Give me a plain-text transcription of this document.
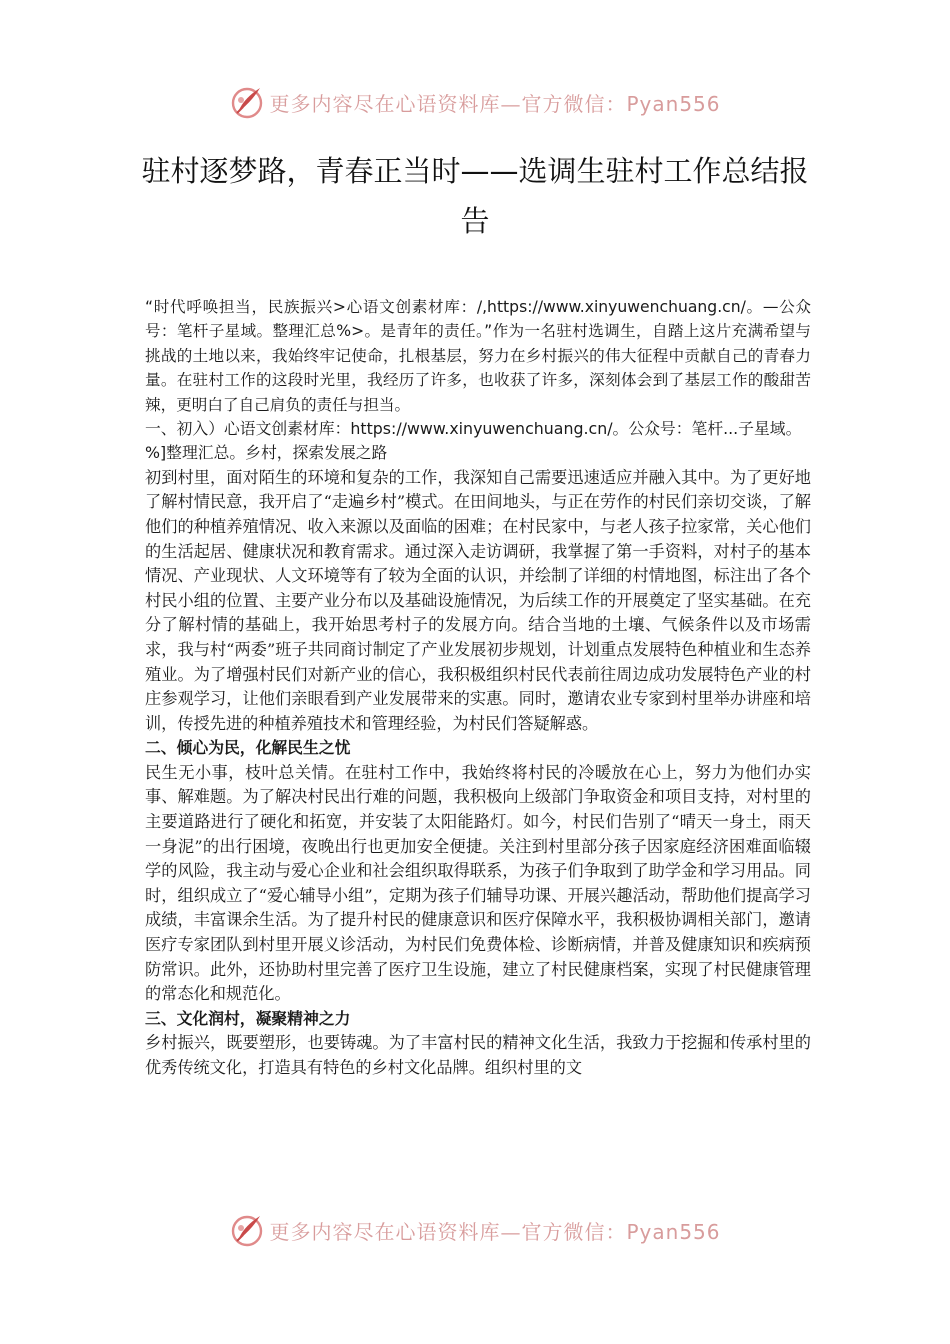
更多内容尽在心语资料库—官方微信：Pyan556
驻村逐梦路，青春正当时——选调生驻村工作总结报告

“时代呼唤担当，民族振兴>心语文创素材库：/,https://www.xinyuwenchuang.cn/。—公众号：笔杆子星域。整理汇总%>。是青年的责任。”作为一名驻村选调生，自踏上这片充满希望与挑战的土地以来，我始终牢记使命，扎根基层，努力在乡村振兴的伟大征程中贡献自己的青春力量。在驻村工作的这段时光里，我经历了许多，也收获了许多，深刻体会到了基层工作的酸甜苦辣，更明白了自己肩负的责任与担当。

一、初入）心语文创素材库：https://www.xinyuwenchuang.cn/。公众号：笔杆...子星域。%]整理汇总。乡村，探索发展之路

初到村里，面对陌生的环境和复杂的工作，我深知自己需要迅速适应并融入其中。为了更好地了解村情民意，我开启了“走遍乡村”模式。在田间地头，与正在劳作的村民们亲切交谈，了解他们的种植养殖情况、收入来源以及面临的困难；在村民家中，与老人孩子拉家常，关心他们的生活起居、健康状况和教育需求。通过深入走访调研，我掌握了第一手资料，对村子的基本情况、产业现状、人文环境等有了较为全面的认识，并绘制了详细的村情地图，标注出了各个村民小组的位置、主要产业分布以及基础设施情况，为后续工作的开展奠定了坚实基础。在充分了解村情的基础上，我开始思考村子的发展方向。结合当地的土壤、气候条件以及市场需求，我与村“两委”班子共同商讨制定了产业发展初步规划，计划重点发展特色种植业和生态养殖业。为了增强村民们对新产业的信心，我积极组织村民代表前往周边成功发展特色产业的村庄参观学习，让他们亲眼看到产业发展带来的实惠。同时，邀请农业专家到村里举办讲座和培训，传授先进的种植养殖技术和管理经验，为村民们答疑解惑。

二、倾心为民，化解民生之忧

民生无小事，枝叶总关情。在驻村工作中，我始终将村民的冷暖放在心上，努力为他们办实事、解难题。为了解决村民出行难的问题，我积极向上级部门争取资金和项目支持，对村里的主要道路进行了硬化和拓宽，并安装了太阳能路灯。如今，村民们告别了“晴天一身土，雨天一身泥”的出行困境，夜晚出行也更加安全便捷。关注到村里部分孩子因家庭经济困难面临辍学的风险，我主动与爱心企业和社会组织取得联系，为孩子们争取到了助学金和学习用品。同时，组织成立了“爱心辅导小组”，定期为孩子们辅导功课、开展兴趣活动，帮助他们提高学习成绩，丰富课余生活。为了提升村民的健康意识和医疗保障水平，我积极协调相关部门，邀请医疗专家团队到村里开展义诊活动，为村民们免费体检、诊断病情，并普及健康知识和疾病预防常识。此外，还协助村里完善了医疗卫生设施，建立了村民健康档案，实现了村民健康管理的常态化和规范化。

三、文化润村，凝聚精神之力

乡村振兴，既要塑形，也要铸魂。为了丰富村民的精神文化生活，我致力于挖掘和传承村里的优秀传统文化，打造具有特色的乡村文化品牌。组织村里的文

更多内容尽在心语资料库—官方微信：Pyan556
